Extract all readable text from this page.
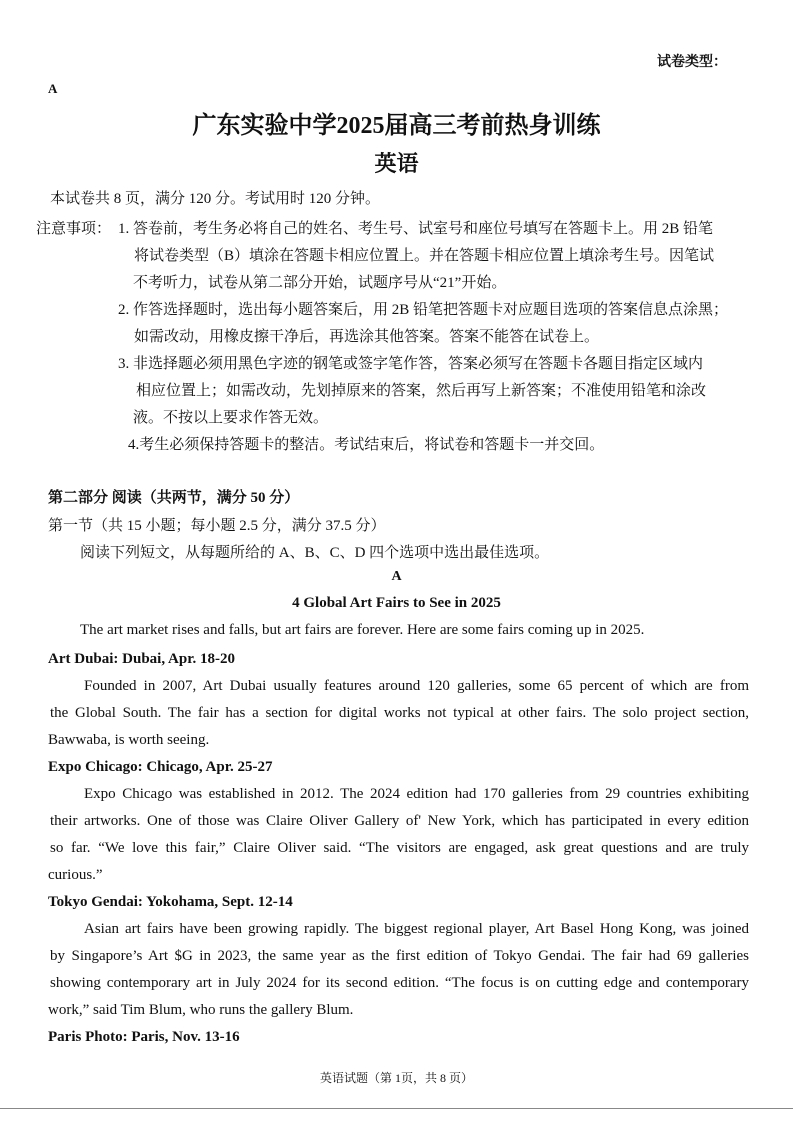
试卷类型：
A
广东实验中学2025届高三考前热身训练
英语
本试卷共 8 页，满分 120 分。考试用时 120 分钟。
注意事项： 1. 答卷前，考生务必将自己的姓名、考生号、试室号和座位号填写在答题卡上。用 2B 铅笔
将试卷类型（B）填涂在答题卡相应位置上。并在答题卡相应位置上填涂考生号。因笔试
不考听力，试卷从第二部分开始，试题序号从“21”开始。
2. 作答选择题时，选出每小题答案后，用 2B 铅笔把答题卡对应题目选项的答案信息点涂黑；
如需改动，用橡皮擦干净后，再选涂其他答案。答案不能答在试卷上。
3. 非选择题必须用黑色字迹的钢笔或签字笔作答，答案必须写在答题卡各题目指定区域内
相应位置上；如需改动，先划掉原来的答案，然后再写上新答案；不准使用铅笔和涂改
液。不按以上要求作答无效。
4.考生必须保持答题卡的整洁。考试结束后，将试卷和答题卡一并交回。
第二部分 阅读（共两节，满分 50 分）
第一节（共 15 小题；每小题 2.5 分，满分 37.5 分）
阅读下列短文，从每题所给的 A、B、C、D 四个选项中选出最佳选项。
A
4 Global Art Fairs to See in 2025
The art market rises and falls, but art fairs are forever. Here are some fairs coming up in 2025.
Art Dubai: Dubai, Apr. 18-20
Founded in 2007, Art Dubai usually features around 120 galleries, some 65 percent of which are from
the Global South. The fair has a section for digital works not typical at other fairs. The solo project section,
Bawwaba, is worth seeing.
Expo Chicago: Chicago, Apr. 25-27
Expo Chicago was established in 2012. The 2024 edition had 170 galleries from 29 countries exhibiting
their artworks. One of those was Claire Oliver Gallery of' New York, which has participated in every edition
so far. “We love this fair,” Claire Oliver said. “The visitors are engaged, ask great questions and are truly
curious.”
Tokyo Gendai: Yokohama, Sept. 12-14
Asian art fairs have been growing rapidly. The biggest regional player, Art Basel Hong Kong, was joined
by Singapore’s Art $G in 2023, the same year as the first edition of Tokyo Gendai. The fair had 69 galleries
showing contemporary art in July 2024 for its second edition. “The focus is on cutting edge and contemporary
work,” said Tim Blum, who runs the gallery Blum.
Paris Photo: Paris, Nov. 13-16
英语试题（第 1页，共 8 页）
